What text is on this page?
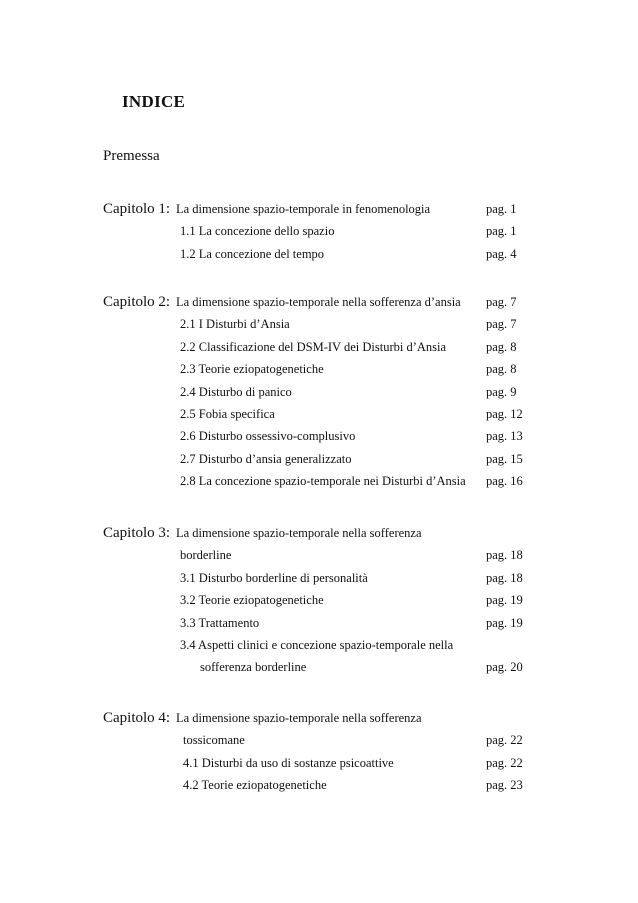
INDICE
Premessa
Capitolo 1: La dimensione spazio-temporale in fenomenologia	pag. 1
1.1 La concezione dello spazio	pag. 1
1.2 La concezione del tempo	pag. 4
Capitolo 2: La dimensione spazio-temporale nella sofferenza d’ansia pag. 7
2.1 I Disturbi d’Ansia	pag. 7
2.2 Classificazione del DSM-IV dei Disturbi d’Ansia	pag. 8
2.3 Teorie eziopatogenetiche	pag. 8
2.4 Disturbo di panico	pag. 9
2.5 Fobia specifica	pag. 12
2.6 Disturbo ossessivo-complusivo	pag. 13
2.7 Disturbo d’ansia generalizzato	pag. 15
2.8 La concezione spazio-temporale nei Disturbi d’Ansia pag. 16
Capitolo 3: La dimensione spazio-temporale nella sofferenza
borderline	pag. 18
3.1 Disturbo borderline di personalità	pag. 18
3.2 Teorie eziopatogenetiche	pag. 19
3.3 Trattamento	pag. 19
3.4 Aspetti clinici e concezione spazio-temporale nella
sofferenza borderline	pag. 20
Capitolo 4: La dimensione spazio-temporale nella sofferenza
tossicomane	pag. 22
4.1 Disturbi da uso di sostanze psicoattive	pag. 22
4.2 Teorie eziopatogenetiche	pag. 23
